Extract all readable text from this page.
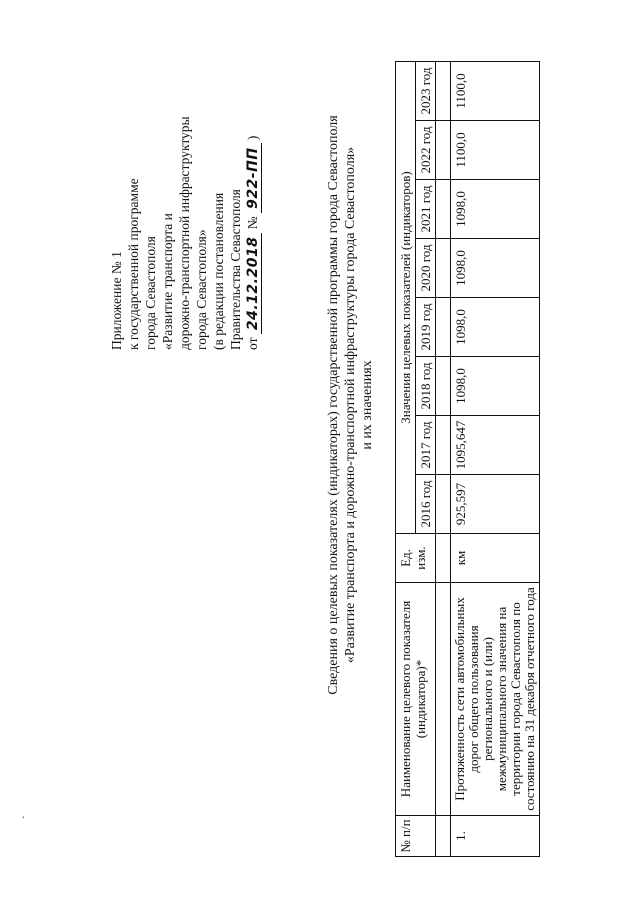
·
Приложение № 1 к государственной программе города Севастополя «Развитие транспорта и дорожно-транспортной инфраструктуры города Севастополя» (в редакции постановления Правительства Севастополя от 24.12.2018 № 922-ПП )	Сведения о целевых показателях (индикаторах) государственной программы города Севастополя «Развитие транспорта и дорожно-транспортной инфраструктуры города Севастополя» и их значениях
№ п/п	Наименование целевого показателя (индикатора)*	Ед. изм.	Значения целевых показателей (индикаторов)							
			2016 год	2017 год	2018 год	2019 год	2020 год	2021 год	2022 год	2023 год

1.	Протяженность сети автомобильных дорог общего пользования регионального и (или) межмуниципального значения на территории города Севастополя по состоянию на 31 декабря отчетного года	км	925,597	1095,647	1098,0	1098,0	1098,0	1098,0	1100,0	1100,0
